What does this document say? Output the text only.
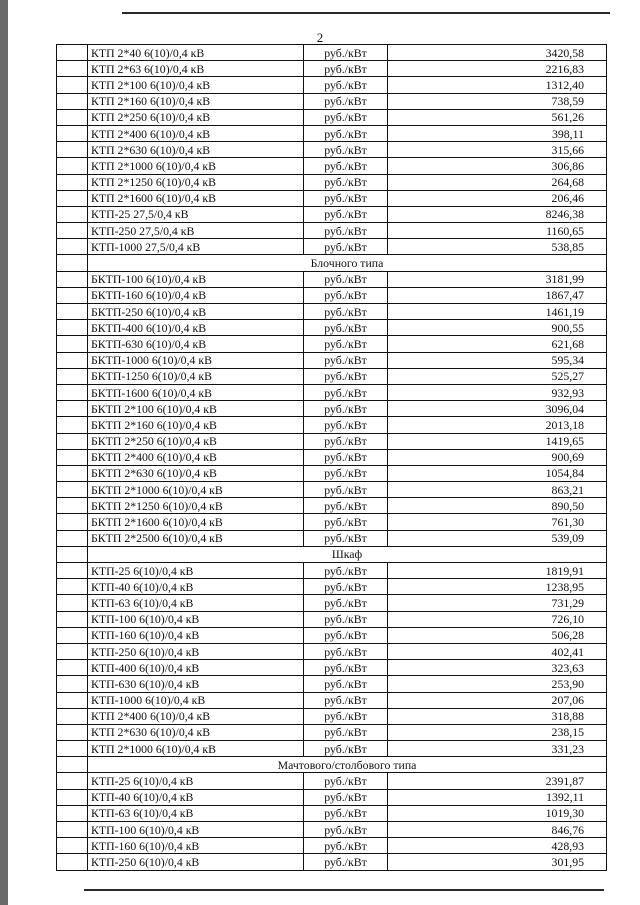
2
	КТП 2*40 6(10)/0,4 кВ	руб./кВт	3420,58
	КТП 2*63 6(10)/0,4 кВ	руб./кВт	2216,83
	КТП 2*100 6(10)/0,4 кВ	руб./кВт	1312,40
	КТП 2*160 6(10)/0,4 кВ	руб./кВт	738,59
	КТП 2*250 6(10)/0,4 кВ	руб./кВт	561,26
	КТП 2*400 6(10)/0,4 кВ	руб./кВт	398,11
	КТП 2*630 6(10)/0,4 кВ	руб./кВт	315,66
	КТП 2*1000 6(10)/0,4 кВ	руб./кВт	306,86
	КТП 2*1250 6(10)/0,4 кВ	руб./кВт	264,68
	КТП 2*1600 6(10)/0,4 кВ	руб./кВт	206,46
	КТП-25 27,5/0,4 кВ	руб./кВт	8246,38
	КТП-250 27,5/0,4 кВ	руб./кВт	1160,65
	КТП-1000 27,5/0,4 кВ	руб./кВт	538,85
	Блочного типа		
	БКТП-100 6(10)/0,4 кВ	руб./кВт	3181,99
	БКТП-160 6(10)/0,4 кВ	руб./кВт	1867,47
	БКТП-250 6(10)/0,4 кВ	руб./кВт	1461,19
	БКТП-400 6(10)/0,4 кВ	руб./кВт	900,55
	БКТП-630 6(10)/0,4 кВ	руб./кВт	621,68
	БКТП-1000 6(10)/0,4 кВ	руб./кВт	595,34
	БКТП-1250 6(10)/0,4 кВ	руб./кВт	525,27
	БКТП-1600 6(10)/0,4 кВ	руб./кВт	932,93
	БКТП 2*100 6(10)/0,4 кВ	руб./кВт	3096,04
	БКТП 2*160 6(10)/0,4 кВ	руб./кВт	2013,18
	БКТП 2*250 6(10)/0,4 кВ	руб./кВт	1419,65
	БКТП 2*400 6(10)/0,4 кВ	руб./кВт	900,69
	БКТП 2*630 6(10)/0,4 кВ	руб./кВт	1054,84
	БКТП 2*1000 6(10)/0,4 кВ	руб./кВт	863,21
	БКТП 2*1250 6(10)/0,4 кВ	руб./кВт	890,50
	БКТП 2*1600 6(10)/0,4 кВ	руб./кВт	761,30
	БКТП 2*2500 6(10)/0,4 кВ	руб./кВт	539,09
	Шкаф		
	КТП-25 6(10)/0,4 кВ	руб./кВт	1819,91
	КТП-40 6(10)/0,4 кВ	руб./кВт	1238,95
	КТП-63 6(10)/0,4 кВ	руб./кВт	731,29
	КТП-100 6(10)/0,4 кВ	руб./кВт	726,10
	КТП-160 6(10)/0,4 кВ	руб./кВт	506,28
	КТП-250 6(10)/0,4 кВ	руб./кВт	402,41
	КТП-400 6(10)/0,4 кВ	руб./кВт	323,63
	КТП-630 6(10)/0,4 кВ	руб./кВт	253,90
	КТП-1000 6(10)/0,4 кВ	руб./кВт	207,06
	КТП 2*400 6(10)/0,4 кВ	руб./кВт	318,88
	КТП 2*630 6(10)/0,4 кВ	руб./кВт	238,15
	КТП 2*1000 6(10)/0,4 кВ	руб./кВт	331,23
	Мачтового/столбового типа		
	КТП-25 6(10)/0,4 кВ	руб./кВт	2391,87
	КТП-40 6(10)/0,4 кВ	руб./кВт	1392,11
	КТП-63 6(10)/0,4 кВ	руб./кВт	1019,30
	КТП-100 6(10)/0,4 кВ	руб./кВт	846,76
	КТП-160 6(10)/0,4 кВ	руб./кВт	428,93
	КТП-250 6(10)/0,4 кВ	руб./кВт	301,95
